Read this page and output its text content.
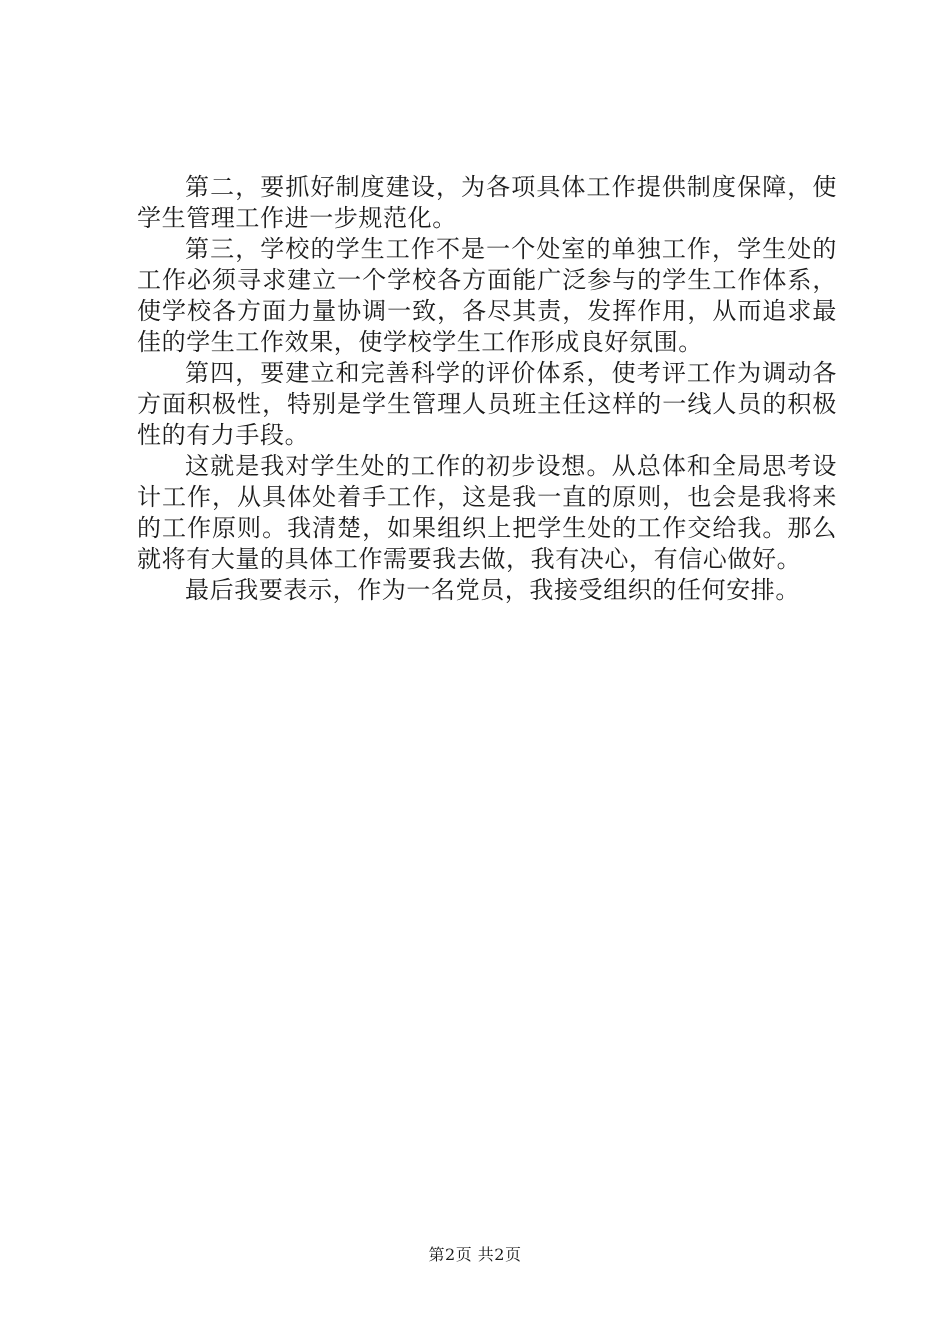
第二，要抓好制度建设，为各项具体工作提供制度保障，使学生管理工作进一步规范化。

第三，学校的学生工作不是一个处室的单独工作，学生处的工作必须寻求建立一个学校各方面能广泛参与的学生工作体系，使学校各方面力量协调一致，各尽其责，发挥作用，从而追求最佳的学生工作效果，使学校学生工作形成良好氛围。

第四，要建立和完善科学的评价体系，使考评工作为调动各方面积极性，特别是学生管理人员班主任这样的一线人员的积极性的有力手段。

这就是我对学生处的工作的初步设想。从总体和全局思考设计工作，从具体处着手工作，这是我一直的原则，也会是我将来的工作原则。我清楚，如果组织上把学生处的工作交给我。那么就将有大量的具体工作需要我去做，我有决心，有信心做好。

最后我要表示，作为一名党员，我接受组织的任何安排。

第2页 共2页
